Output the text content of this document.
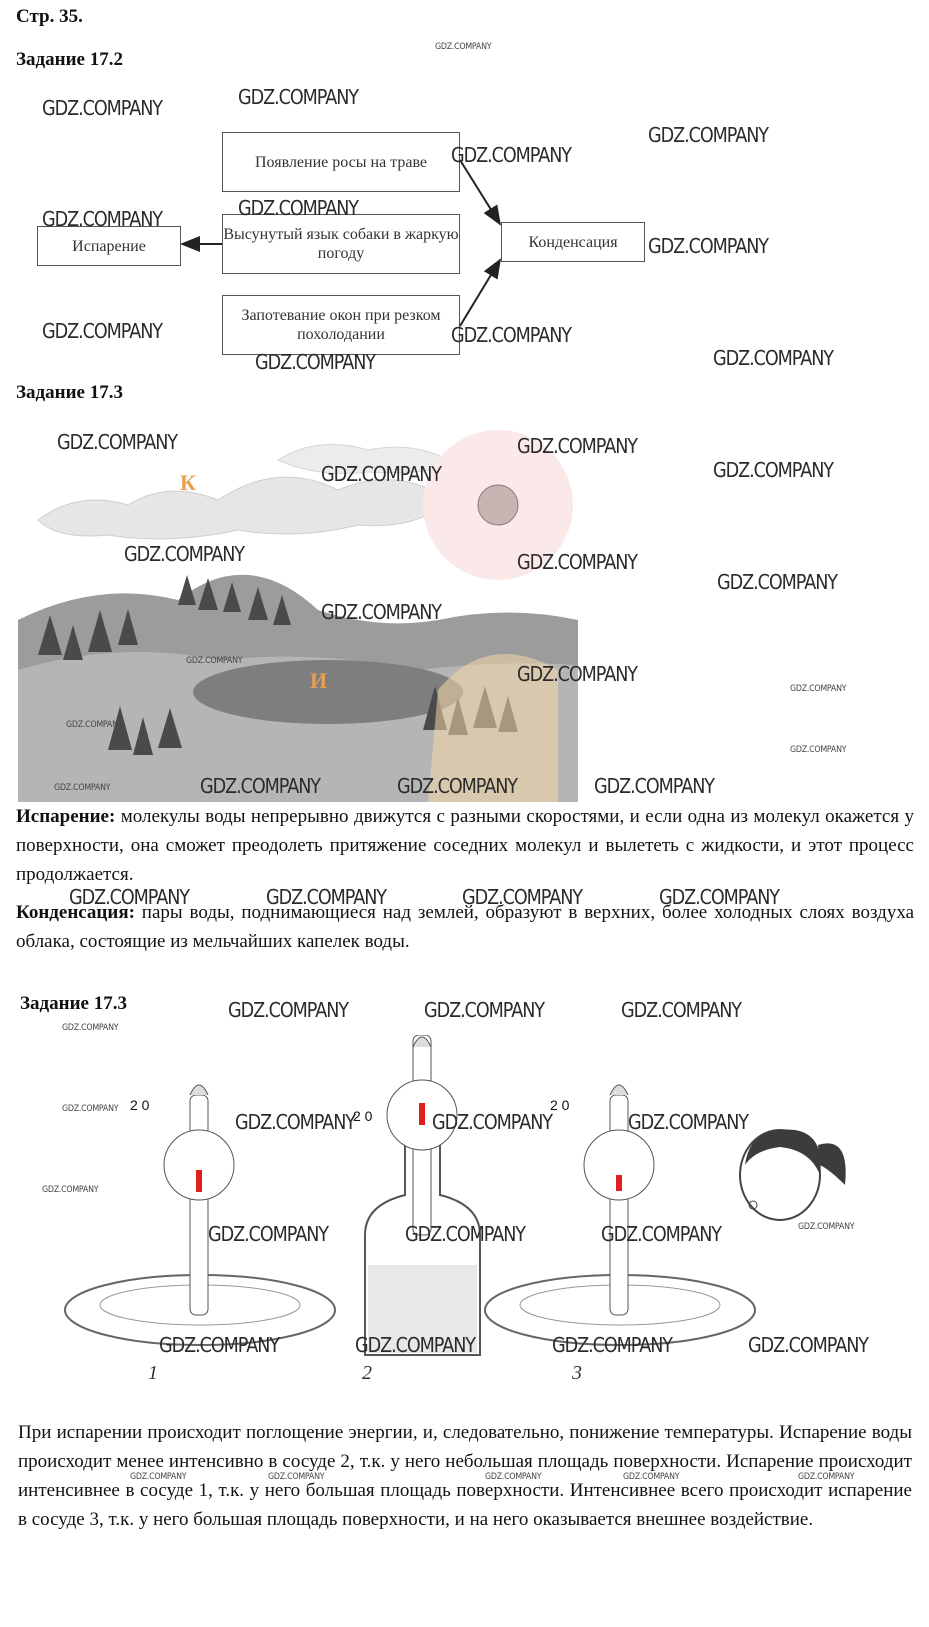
Стр. 35.
Задание 17.2
Появление росы на траве
Высунутый язык собаки в жаркую погоду
Запотевание окон при резком похолодании
Испарение	Конденсация
Задание 17.3
К
И
Испарение: молекулы воды непрерывно движутся с разными скоростями, и если одна из молекул окажется у поверхности, она сможет преодолеть притяжение соседних молекул и вылететь с жидкости, и этот процесс продолжается.
Конденсация: пары воды, поднимающиеся над землей, образуют в верхних, более холодных слоях воздуха облака, состоящие из мельчайших капелек воды.
Задание 17.3
2 0
2 0
2 0
1	2	3
При испарении происходит поглощение энергии, и, следовательно, понижение температуры. Испарение воды происходит менее интенсивно в сосуде 2, т.к. у него небольшая площадь поверхности. Испарение происходит интенсивнее в сосуде 1, т.к. у него большая площадь поверхности. Интенсивнее всего происходит испарение в сосуде 3, т.к. у него большая площадь поверхности, и на него оказывается внешнее воздействие.
GDZ.COMPANY
GDZ.COMPANY	GDZ.COMPANY
GDZ.COMPANY
GDZ.COMPANY
GDZ.COMPANY
GDZ.COMPANY
GDZ.COMPANY
GDZ.COMPANY	GDZ.COMPANY
GDZ.COMPANY	GDZ.COMPANY
GDZ.COMPANY	GDZ.COMPANY
GDZ.COMPANY	GDZ.COMPANY
GDZ.COMPANY	GDZ.COMPANY
GDZ.COMPANY
GDZ.COMPANY
GDZ.COMPANY
GDZ.COMPANY
GDZ.COMPANY
GDZ.COMPANY
GDZ.COMPANY
GDZ.COMPANY	GDZ.COMPANY	GDZ.COMPANY
GDZ.COMPANY
GDZ.COMPANY	GDZ.COMPANY	GDZ.COMPANY	GDZ.COMPANY
GDZ.COMPANY	GDZ.COMPANY	GDZ.COMPANY
GDZ.COMPANY
GDZ.COMPANY
GDZ.COMPANY	GDZ.COMPANY	GDZ.COMPANY
GDZ.COMPANY
GDZ.COMPANY	GDZ.COMPANY	GDZ.COMPANY	GDZ.COMPANY
GDZ.COMPANY	GDZ.COMPANY	GDZ.COMPANY	GDZ.COMPANY
GDZ.COMPANY	GDZ.COMPANY	GDZ.COMPANY	GDZ.COMPANY	GDZ.COMPANY
